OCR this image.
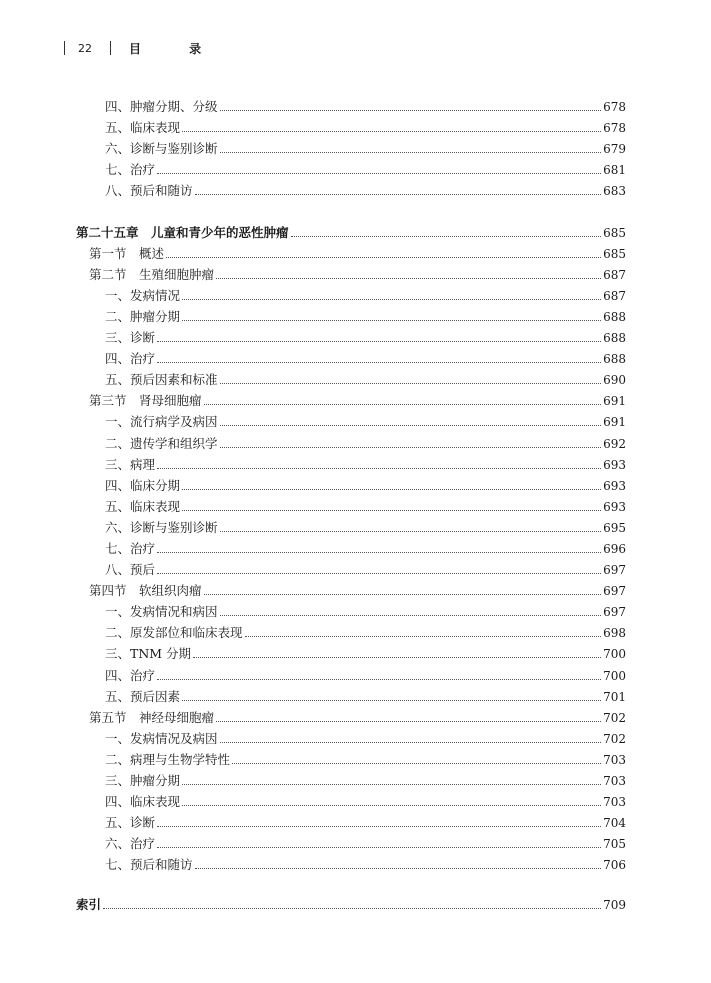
22	目 录
四、肿瘤分期、分级	678
五、临床表现	678
六、诊断与鉴别诊断	679
七、治疗	681
八、预后和随访	683
第二十五章　儿童和青少年的恶性肿瘤	685
第一节　概述	685
第二节　生殖细胞肿瘤	687
一、发病情况	687
二、肿瘤分期	688
三、诊断	688
四、治疗	688
五、预后因素和标准	690
第三节　肾母细胞瘤	691
一、流行病学及病因	691
二、遗传学和组织学	692
三、病理	693
四、临床分期	693
五、临床表现	693
六、诊断与鉴别诊断	695
七、治疗	696
八、预后	697
第四节　软组织肉瘤	697
一、发病情况和病因	697
二、原发部位和临床表现	698
三、TNM 分期	700
四、治疗	700
五、预后因素	701
第五节　神经母细胞瘤	702
一、发病情况及病因	702
二、病理与生物学特性	703
三、肿瘤分期	703
四、临床表现	703
五、诊断	704
六、治疗	705
七、预后和随访	706
索引	709
